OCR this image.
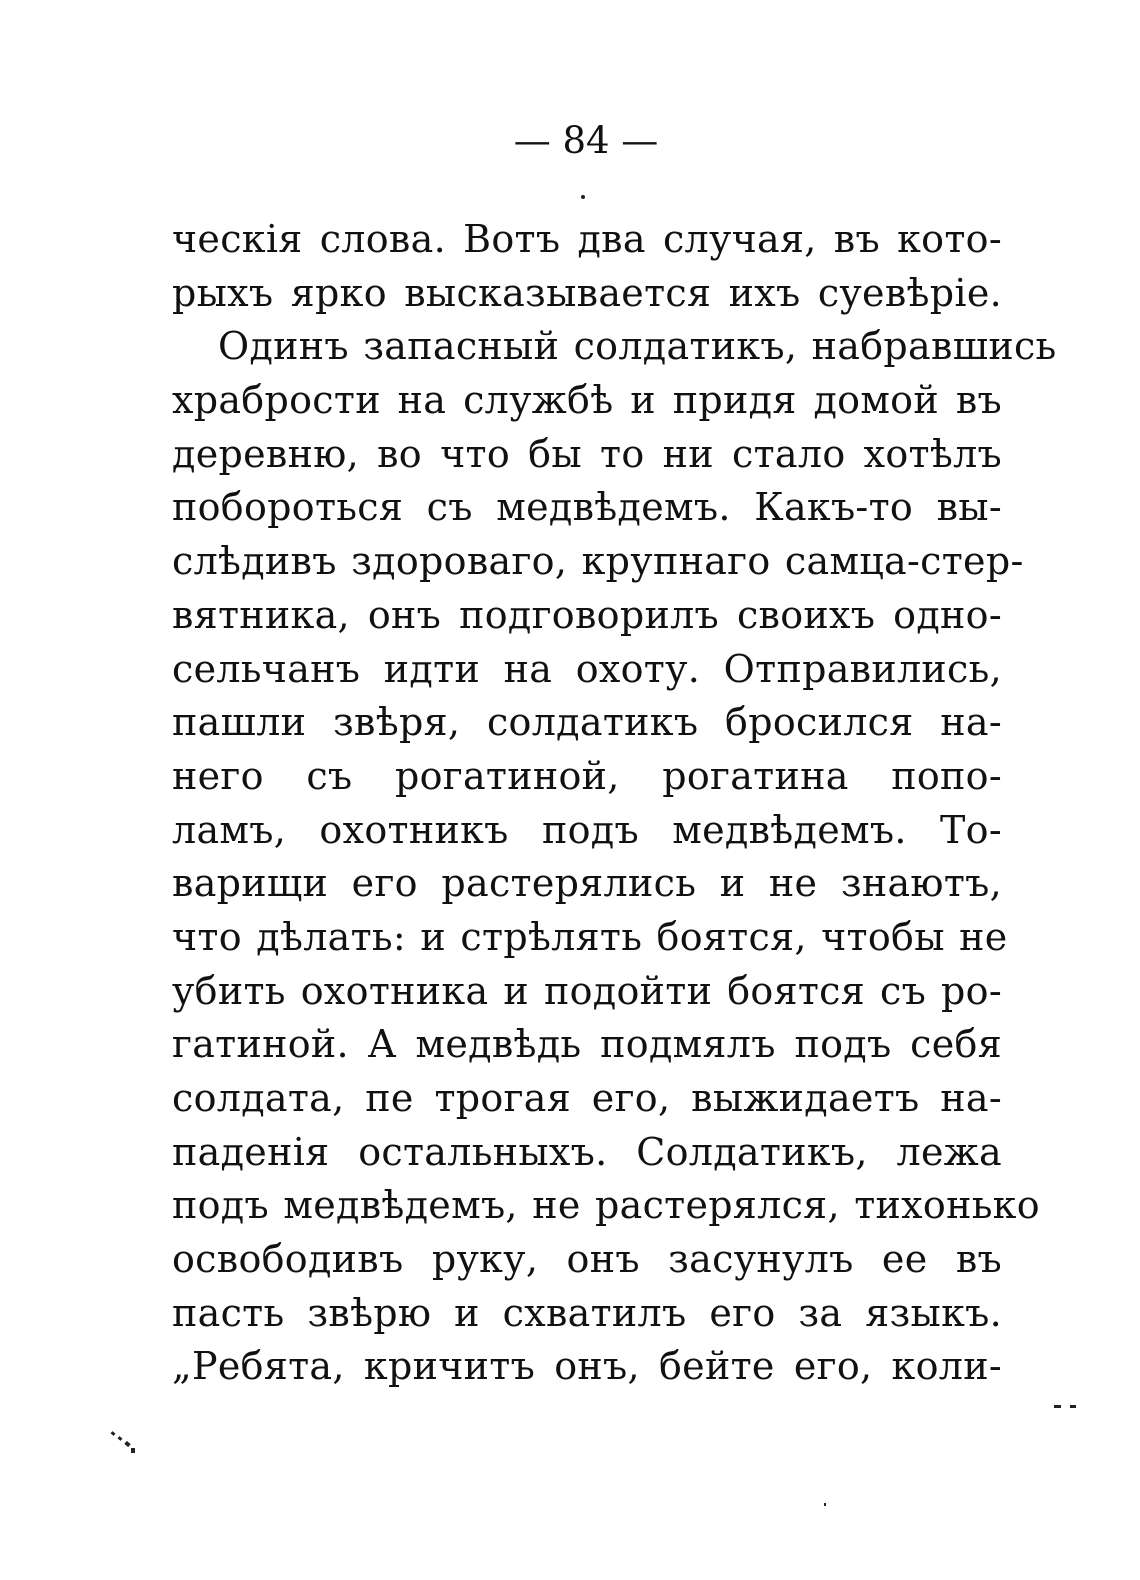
— 84 —
ческія слова. Вотъ два случая, въ кото-
рыхъ ярко высказывается ихъ суевѣріе.
Одинъ запасный солдатикъ, набравшись
храбрости на службѣ и придя домой въ
деревню, во что бы то ни стало хотѣлъ
побороться съ медвѣдемъ. Какъ-то вы-
слѣдивъ здороваго, крупнаго самца-стер-
вятника, онъ подговорилъ своихъ одно-
сельчанъ идти на охоту. Отправились,
пашли звѣря, солдатикъ бросился на-
него съ рогатиной, рогатина попо-
ламъ, охотникъ подъ медвѣдемъ. То-
варищи его растерялись и не знаютъ,
что дѣлать: и стрѣлять боятся, чтобы не
убить охотника и подойти боятся съ ро-
гатиной. А медвѣдь подмялъ подъ себя
солдата, пе трогая его, выжидаетъ на-
паденія остальныхъ. Солдатикъ, лежа
подъ медвѣдемъ, не растерялся, тихонько
освободивъ руку, онъ засунулъ ее въ
пасть звѣрю и схватилъ его за языкъ.
„Ребята, кричитъ онъ, бейте его, коли-
